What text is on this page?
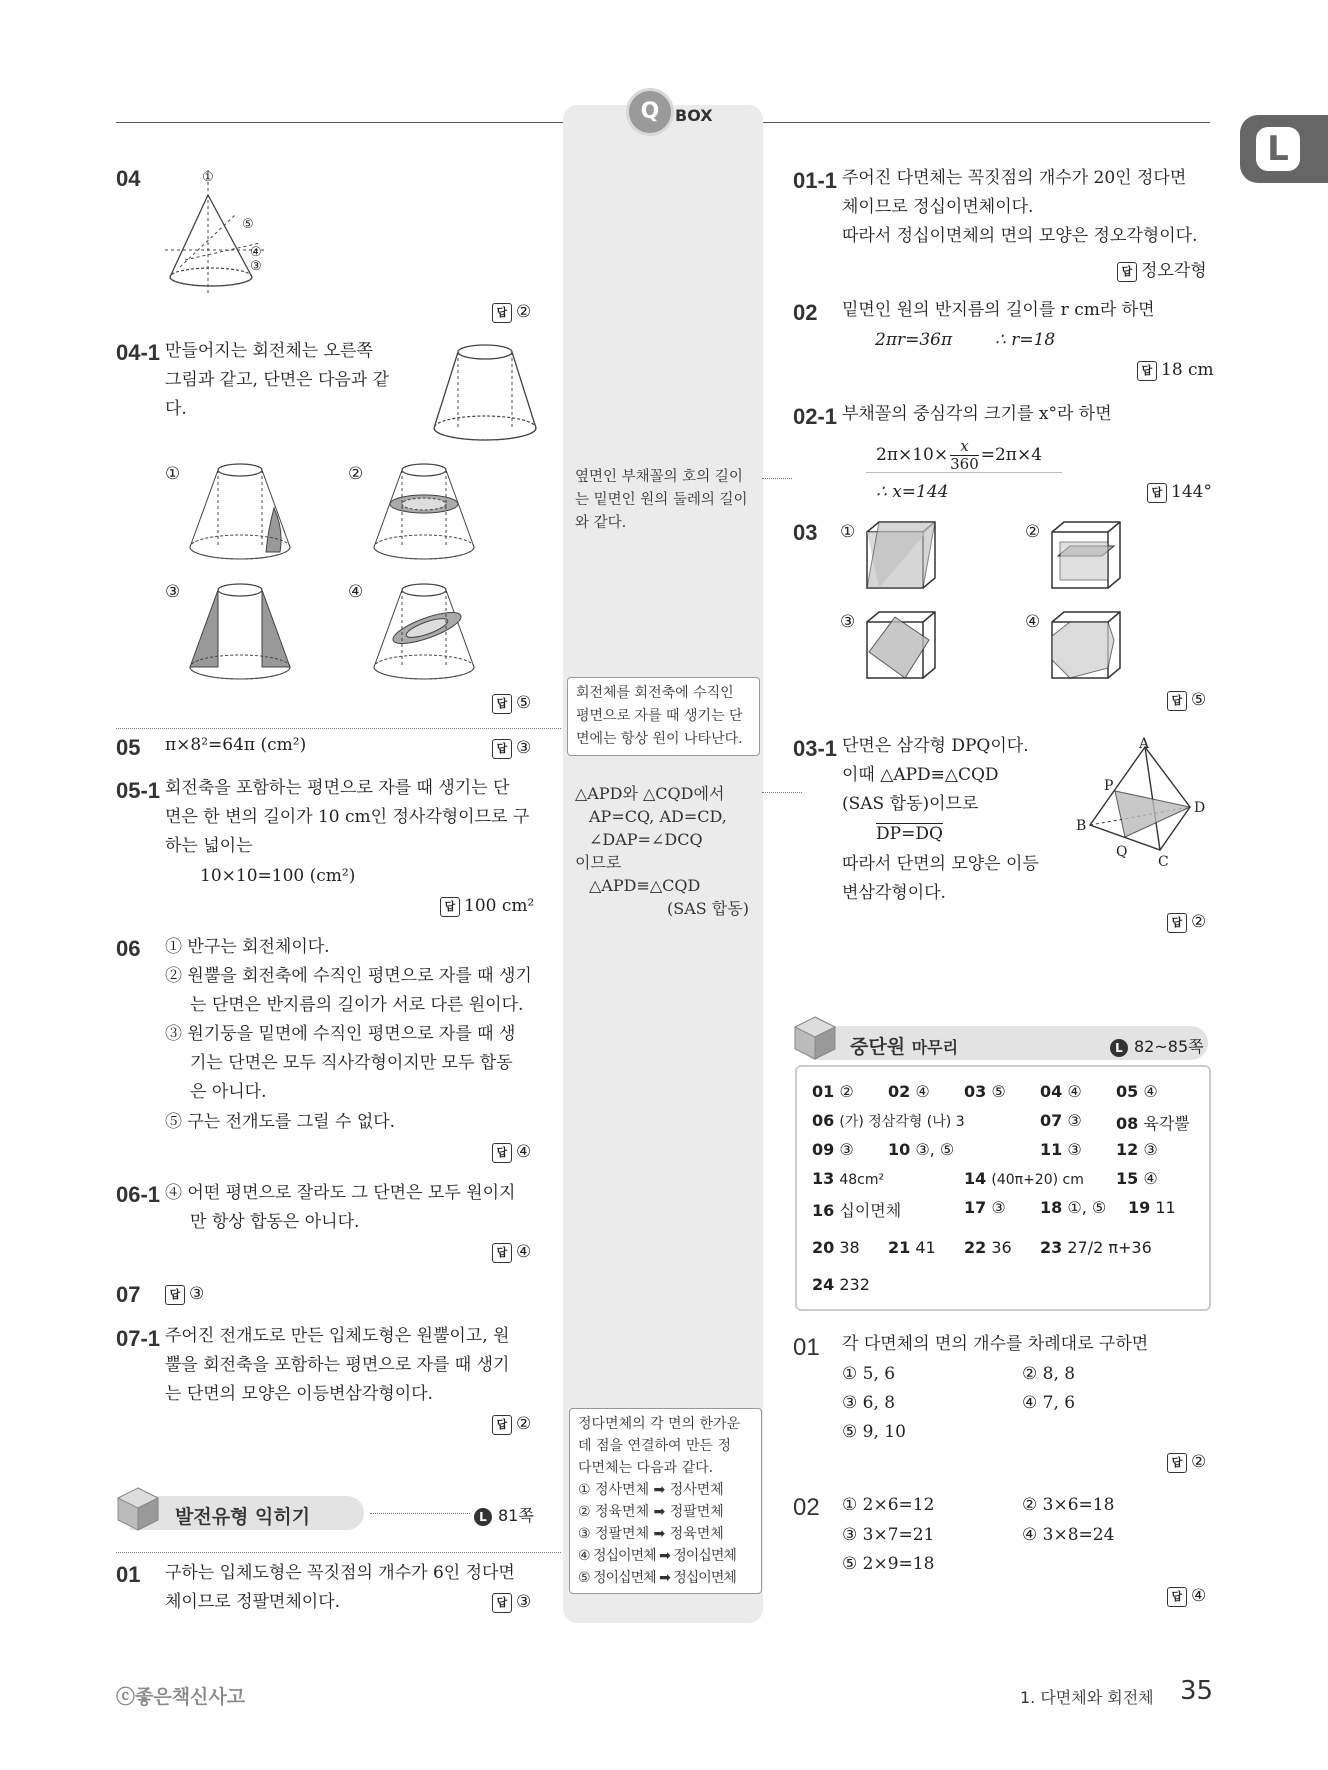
Q BOX
L
04	①
⑤
④
③
답 ②
04-1 만들어지는 회전체는 오른쪽
그림과 같고, 단면은 다음과 같
다.
①	②
③	④
답 ⑤
05 π×8²=64π (cm²)	답 ③
05-1 회전축을 포함하는 평면으로 자를 때 생기는 단
면은 한 변의 길이가 10 cm인 정사각형이므로 구
하는 넓이는
10×10=100 (cm²)
답 100 cm²
06 ① 반구는 회전체이다.
② 원뿔을 회전축에 수직인 평면으로 자를 때 생기
는 단면은 반지름의 길이가 서로 다른 원이다.
③ 원기둥을 밑면에 수직인 평면으로 자를 때 생
기는 단면은 모두 직사각형이지만 모두 합동
은 아니다.
⑤ 구는 전개도를 그릴 수 없다.
답 ④
06-1 ④ 어떤 평면으로 잘라도 그 단면은 모두 원이지
만 항상 합동은 아니다.
답 ④
07	답 ③
07-1 주어진 전개도로 만든 입체도형은 원뿔이고, 원
뿔을 회전축을 포함하는 평면으로 자를 때 생기
는 단면의 모양은 이등변삼각형이다.
답 ②
발전유형 익히기	L 81쪽
01 구하는 입체도형은 꼭짓점의 개수가 6인 정다면
체이므로 정팔면체이다.	답 ③
옆면인 부채꼴의 호의 길이
는 밑면인 원의 둘레의 길이
와 같다.
회전체를 회전축에 수직인
평면으로 자를 때 생기는 단
면에는 항상 원이 나타난다.
△APD와 △CQD에서
AP=CQ, AD=CD,
∠DAP=∠DCQ
이므로
△APD≡△CQD
(SAS 합동)
정다면체의 각 면의 한가운
데 점을 연결하여 만든 정
다면체는 다음과 같다.
① 정사면체 ➡ 정사면체
② 정육면체 ➡ 정팔면체
③ 정팔면체 ➡ 정육면체
④ 정십이면체 ➡ 정이십면체
⑤ 정이십면체 ➡ 정십이면체
01-1 주어진 다면체는 꼭짓점의 개수가 20인 정다면
체이므로 정십이면체이다.
따라서 정십이면체의 면의 모양은 정오각형이다.
답 정오각형
02 밑면인 원의 반지름의 길이를 r cm라 하면
2πr=36π	∴ r=18
답 18 cm
02-1 부채꼴의 중심각의 크기를 x°라 하면
$2\pi\times 10\times \frac{x}{360} =2\pi\times 4$
∴ x=144	답 144°
03 ①	②
③	④
답 ⑤
03-1 단면은 삼각형 DPQ이다.
이때 △APD≡△CQD
(SAS 합동)이므로
DP=DQ
따라서 단면의 모양은 이등
변삼각형이다.
A
P
D
B
Q
C
답 ②
중단원 마무리	L 82~85쪽
01 ② 02 ④ 03 ⑤ 04 ④ 05 ④
06 (가) 정삼각형 (나) 3	07 ③ 08 육각뿔
09 ③ 10 ③, ⑤	11 ③ 12 ③
13 48cm²	14 (40π+20) cm 15 ④
16 십이면체	17 ③ 18 ①, ⑤ 19 11
20 38 21 41 22 36 23 27/2 π+36
24 232
01 각 다면체의 면의 개수를 차례대로 구하면
① 5, 6	② 8, 8
③ 6, 8	④ 7, 6
⑤ 9, 10
답 ②
02 ① 2×6=12	② 3×6=18
③ 3×7=21	④ 3×8=24
⑤ 2×9=18
답 ④
ⓒ좋은책신사고	1. 다면체와 회전체 35
